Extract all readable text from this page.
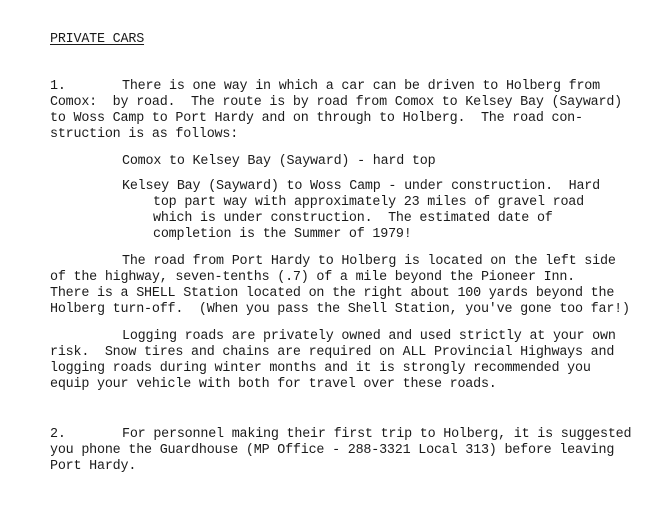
PRIVATE CARS
1.	There is one way in which a car can be driven to Holberg from
Comox:  by road.  The route is by road from Comox to Kelsey Bay (Sayward)
to Woss Camp to Port Hardy and on through to Holberg.  The road con-
struction is as follows:
Comox to Kelsey Bay (Sayward) - hard top
Kelsey Bay (Sayward) to Woss Camp - under construction.  Hard
top part way with approximately 23 miles of gravel road
which is under construction.  The estimated date of
completion is the Summer of 1979!
The road from Port Hardy to Holberg is located on the left side
of the highway, seven-tenths (.7) of a mile beyond the Pioneer Inn.
There is a SHELL Station located on the right about 100 yards beyond the
Holberg turn-off.  (When you pass the Shell Station, you've gone too far!)
Logging roads are privately owned and used strictly at your own
risk.  Snow tires and chains are required on ALL Provincial Highways and
logging roads during winter months and it is strongly recommended you
equip your vehicle with both for travel over these roads.
2.	For personnel making their first trip to Holberg, it is suggested
you phone the Guardhouse (MP Office - 288-3321 Local 313) before leaving
Port Hardy.
